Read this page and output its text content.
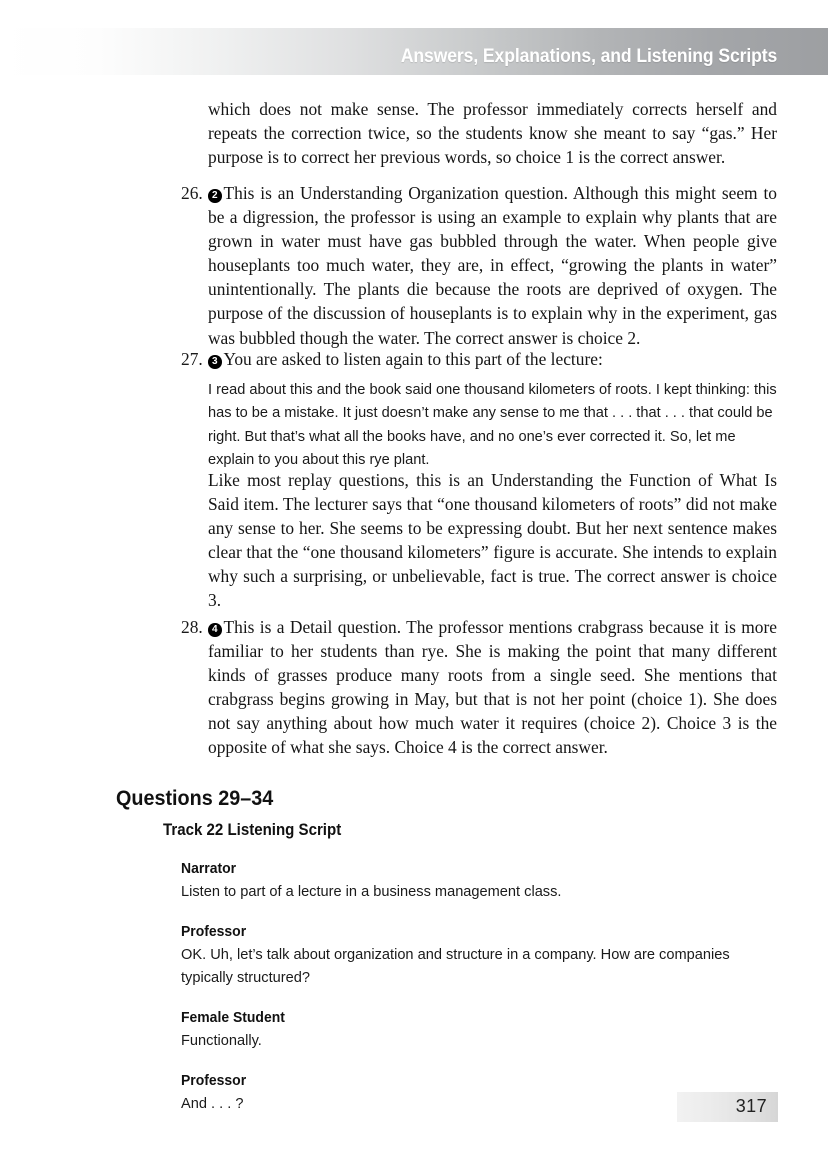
Answers, Explanations, and Listening Scripts

which does not make sense. The professor immediately corrects herself and repeats the correction twice, so the students know she meant to say “gas.” Her purpose is to correct her previous words, so choice 1 is the correct answer.

26. 2 This is an Understanding Organization question. Although this might seem to be a digression, the professor is using an example to explain why plants that are grown in water must have gas bubbled through the water. When people give houseplants too much water, they are, in effect, “growing the plants in water” unintentionally. The plants die because the roots are deprived of oxygen. The purpose of the discussion of houseplants is to explain why in the experiment, gas was bubbled though the water. The correct answer is choice 2.

27. 3 You are asked to listen again to this part of the lecture:

I read about this and the book said one thousand kilometers of roots. I kept thinking: this has to be a mistake. It just doesn’t make any sense to me that . . . that . . . that could be right. But that’s what all the books have, and no one’s ever corrected it. So, let me explain to you about this rye plant.

Like most replay questions, this is an Understanding the Function of What Is Said item. The lecturer says that “one thousand kilometers of roots” did not make any sense to her. She seems to be expressing doubt. But her next sentence makes clear that the “one thousand kilometers” figure is accurate. She intends to explain why such a surprising, or unbelievable, fact is true. The correct answer is choice 3.

28. 4 This is a Detail question. The professor mentions crabgrass because it is more familiar to her students than rye. She is making the point that many different kinds of grasses produce many roots from a single seed. She mentions that crabgrass begins growing in May, but that is not her point (choice 1). She does not say anything about how much water it requires (choice 2). Choice 3 is the opposite of what she says. Choice 4 is the correct answer.

Questions 29–34
Track 22 Listening Script
Narrator

Listen to part of a lecture in a business management class.

Professor

OK. Uh, let’s talk about organization and structure in a company. How are companies typically structured?

Female Student

Functionally.

Professor

And . . . ?	317
